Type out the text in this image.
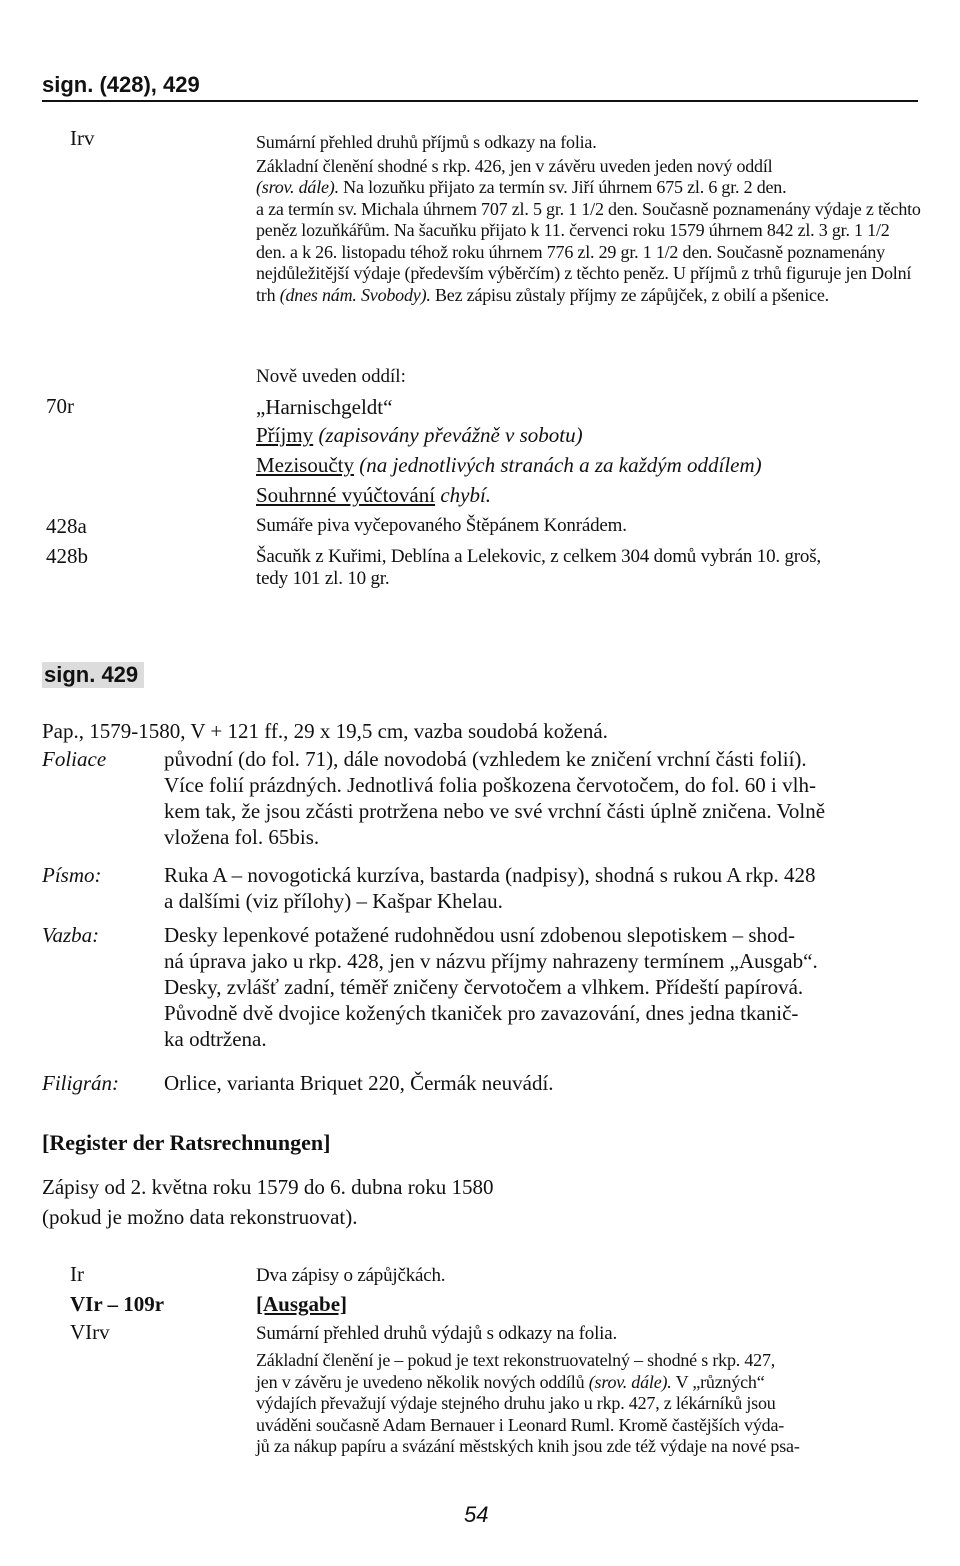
sign. (428), 429
Irv	Sumární přehled druhů příjmů s odkazy na folia.

Základní členění shodné s rkp. 426, jen v závěru uveden jeden nový oddíl

(srov. dále). Na lozuňku přijato za termín sv. Jiří úhrnem 675 zl. 6 gr. 2 den.

a za termín sv. Michala úhrnem 707 zl. 5 gr. 1 1/2 den. Současně poznamenány výdaje z těchto peněz lozuňkářům. Na šacuňku přijato k 11. červenci roku 1579 úhrnem 842 zl. 3 gr. 1 1/2 den. a k 26. listopadu téhož roku úhrnem 776 zl. 29 gr. 1 1/2 den. Současně poznamenány nejdůležitější výdaje (především výběrčím) z těchto peněz. U příjmů z trhů figuruje jen Dolní trh (dnes nám. Svobody). Bez zápisu zůstaly příjmy ze zápůjček, z obilí a pšenice.

Nově uveden oddíl:
70r	„Harnischgeldt“
Příjmy (zapisovány převážně v sobotu)
Mezisoučty (na jednotlivých stranách a za každým oddílem)
Souhrnné vyúčtování chybí.
428a	Sumáře piva vyčepovaného Štěpánem Konrádem.
428b	Šacuňk z Kuřimi, Deblína a Lelekovic, z celkem 304 domů vybrán 10. groš,

tedy 101 zl. 10 gr.

sign. 429
Pap., 1579-1580, V + 121 ff., 29 x 19,5 cm, vazba soudobá kožená.
Foliace	původní (do fol. 71), dále novodobá (vzhledem ke zničení vrchní části folií).

Více folií prázdných. Jednotlivá folia poškozena červotočem, do fol. 60 i vlh-

kem tak, že jsou zčásti protržena nebo ve své vrchní části úplně zničena. Volně

vložena fol. 65bis.

Písmo:	Ruka A – novogotická kurzíva, bastarda (nadpisy), shodná s rukou A rkp. 428

a dalšími (viz přílohy) – Kašpar Khelau.

Vazba:	Desky lepenkové potažené rudohnědou usní zdobenou slepotiskem – shod-

ná úprava jako u rkp. 428, jen v názvu příjmy nahrazeny termínem „Ausgab“.

Desky, zvlášť zadní, téměř zničeny červotočem a vlhkem. Přídeští papírová.

Původně dvě dvojice kožených tkaniček pro zavazování, dnes jedna tkanič-

ka odtržena.

Filigrán: Orlice, varianta Briquet 220, Čermák neuvádí.

[Register der Ratsrechnungen]

Zápisy od 2. května roku 1579 do 6. dubna roku 1580

(pokud je možno data rekonstruovat).

Ir	Dva zápisy o zápůjčkách.
VIr – 109r	[Ausgabe]
VIrv	Sumární přehled druhů výdajů s odkazy na folia.

Základní členění je – pokud je text rekonstruovatelný – shodné s rkp. 427,

jen v závěru je uvedeno několik nových oddílů (srov. dále). V „různých“

výdajích převažují výdaje stejného druhu jako u rkp. 427, z lékárníků jsou

uváděni současně Adam Bernauer i Leonard Ruml. Kromě častějších výda-

jů za nákup papíru a svázání městských knih jsou zde též výdaje na nové psa-

54
